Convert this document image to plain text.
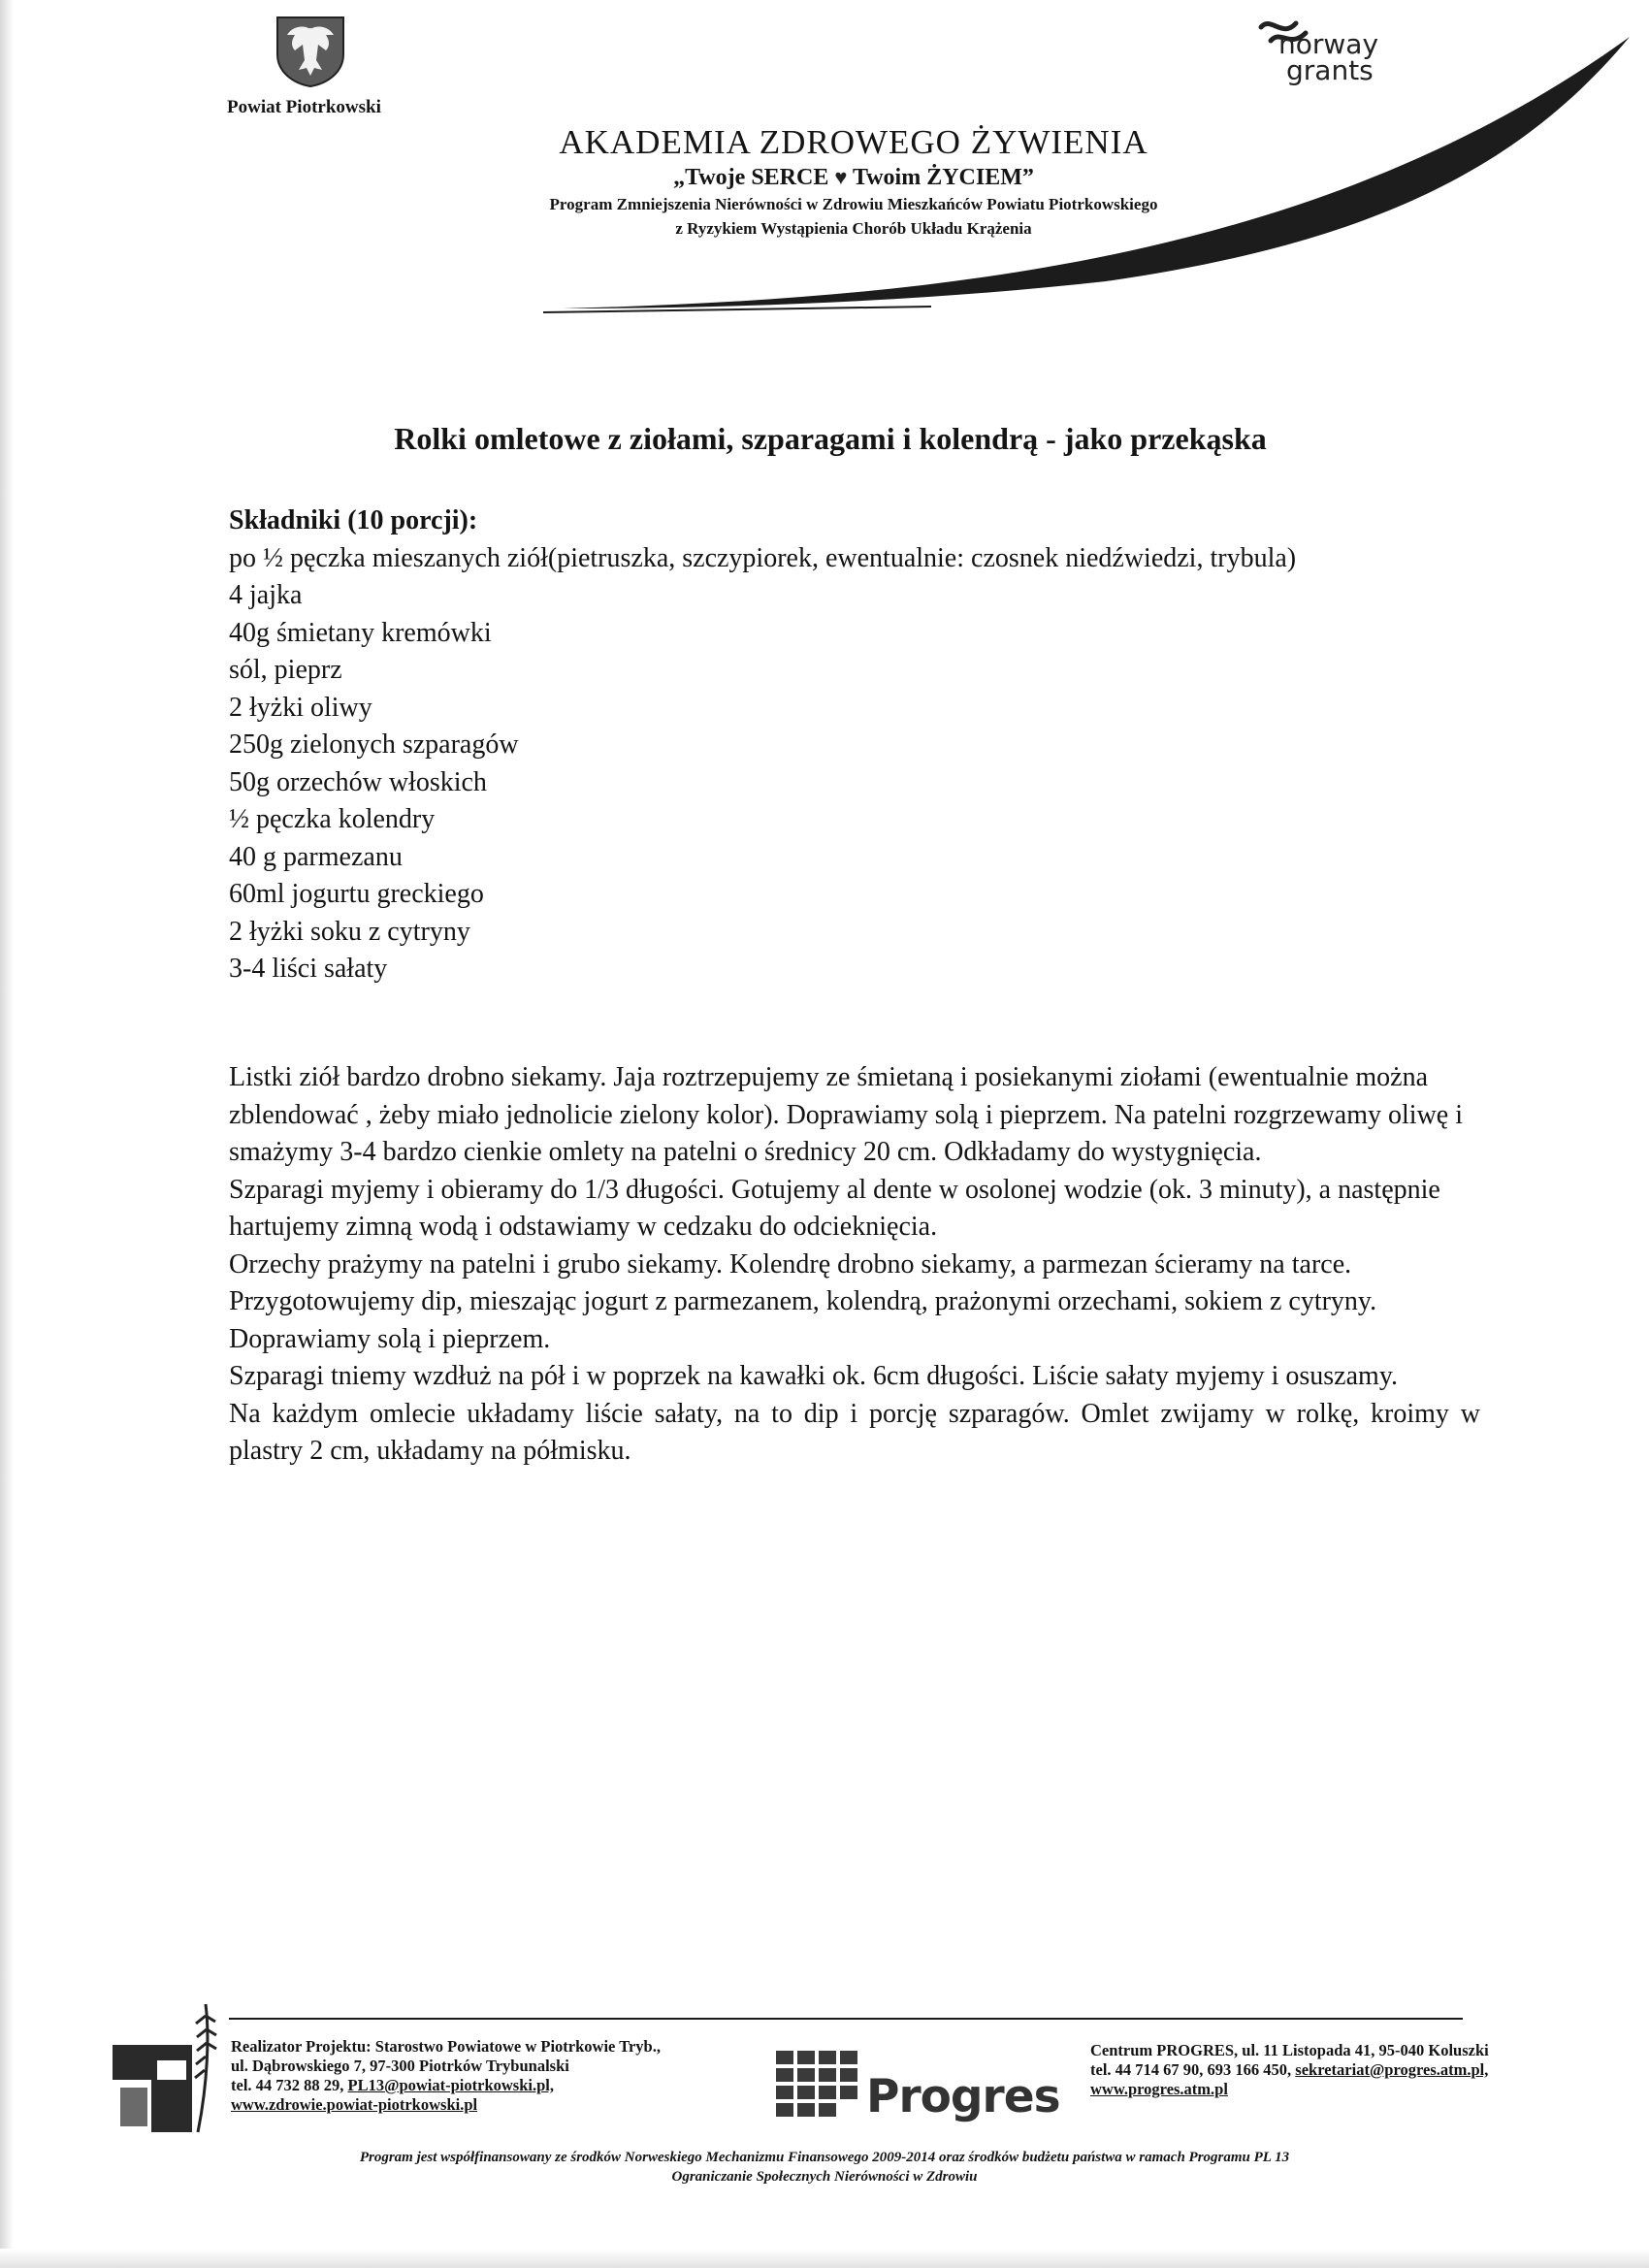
Powiat Piotrkowski
norway
grants
AKADEMIA ZDROWEGO ŻYWIENIA
„Twoje SERCE ♥ Twoim ŻYCIEM”
Program Zmniejszenia Nierówności w Zdrowiu Mieszkańców Powiatu Piotrkowskiego
z Ryzykiem Wystąpienia Chorób Układu Krążenia
Rolki omletowe z ziołami, szparagami i kolendrą - jako przekąska
Składniki (10 porcji):
po ½ pęczka mieszanych ziół(pietruszka, szczypiorek, ewentualnie: czosnek niedźwiedzi, trybula)
4 jajka
40g śmietany kremówki
sól, pieprz
2 łyżki oliwy
250g zielonych szparagów
50g orzechów włoskich
½ pęczka kolendry
40 g parmezanu
60ml jogurtu greckiego
2 łyżki soku z cytryny
3-4 liści sałaty

Listki ziół bardzo drobno siekamy. Jaja roztrzepujemy ze śmietaną i posiekanymi ziołami (ewentualnie można zblendować , żeby miało jednolicie zielony kolor). Doprawiamy solą i pieprzem. Na patelni rozgrzewamy oliwę i smażymy 3-4 bardzo cienkie omlety na patelni o średnicy 20 cm. Odkładamy do wystygnięcia.

Szparagi myjemy i obieramy do 1/3 długości. Gotujemy al dente w osolonej wodzie (ok. 3 minuty), a następnie hartujemy zimną wodą i odstawiamy w cedzaku do odcieknięcia.

Orzechy prażymy na patelni i grubo siekamy. Kolendrę drobno siekamy, a parmezan ścieramy na tarce. Przygotowujemy dip, mieszając jogurt z parmezanem, kolendrą, prażonymi orzechami, sokiem z cytryny. Doprawiamy solą i pieprzem.

Szparagi tniemy wzdłuż na pół i w poprzek na kawałki ok. 6cm długości. Liście sałaty myjemy i osuszamy.

Na każdym omlecie układamy liście sałaty, na to dip i porcję szparagów. Omlet zwijamy w rolkę, kroimy w plastry 2 cm, układamy na półmisku.

Realizator Projektu: Starostwo Powiatowe w Piotrkowie Tryb.,
ul. Dąbrowskiego 7, 97-300 Piotrków Trybunalski
tel. 44 732 88 29, PL13@powiat-piotrkowski.pl,
www.zdrowie.powiat-piotrkowski.pl	Progres
Centrum PROGRES, ul. 11 Listopada 41, 95-040 Koluszki
tel. 44 714 67 90, 693 166 450, sekretariat@progres.atm.pl,
www.progres.atm.pl
Program jest współfinansowany ze środków Norweskiego Mechanizmu Finansowego 2009-2014 oraz środków budżetu państwa w ramach Programu PL 13
Ograniczanie Społecznych Nierówności w Zdrowiu
